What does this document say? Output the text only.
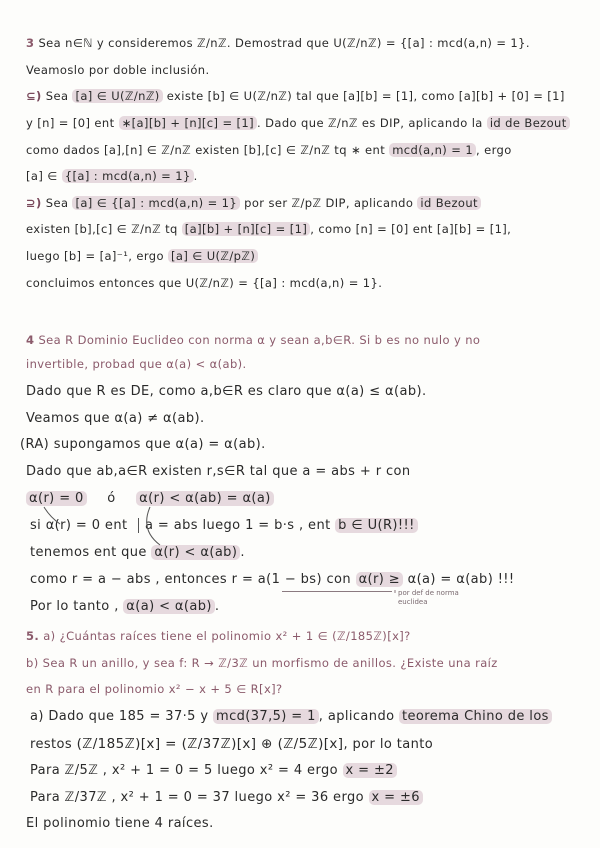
3 Sea n∈ℕ y consideremos ℤ/nℤ. Demostrad que U(ℤ/nℤ) = {[a] : mcd(a,n) = 1}.
Veamoslo por doble inclusión.
⊆) Sea [a] ∈ U(ℤ/nℤ) existe [b] ∈ U(ℤ/nℤ) tal que [a][b] = [1], como [a][b] + [0] = [1]
y [n] = [0] ent ∗[a][b] + [n][c] = [1] . Dado que ℤ/nℤ es DIP, aplicando la id de Bezout
como dados [a],[n] ∈ ℤ/nℤ existen [b],[c] ∈ ℤ/nℤ tq ∗ ent mcd(a,n) = 1 , ergo
[a] ∈ {[a] : mcd(a,n) = 1} .
⊇) Sea [a] ∈ {[a] : mcd(a,n) = 1} por ser ℤ/pℤ DIP, aplicando id Bezout
existen [b],[c] ∈ ℤ/nℤ tq [a][b] + [n][c] = [1] , como [n] = [0] ent [a][b] = [1],
luego [b] = [a]⁻¹, ergo [a] ∈ U(ℤ/pℤ)
concluimos entonces que U(ℤ/nℤ) = {[a] : mcd(a,n) = 1}.
4 Sea R Dominio Euclideo con norma α y sean a,b∈R. Si b es no nulo y no
invertible, probad que α(a) < α(ab).
Dado que R es DE, como a,b∈R es claro que α(a) ≤ α(ab).
Veamos que α(a) ≠ α(ab).
(RA) supongamos que α(a) = α(ab).
Dado que ab,a∈R existen r,s∈R tal que a = abs + r con
α(r) = 0 ó α(r) < α(ab) = α(a)
si α(r) = 0 ent a = abs luego 1 = b·s , ent b ∈ U(R)!!!
tenemos ent que α(r) < α(ab) .
como r = a − abs , entonces r = a(1 − bs) con α(r) ≥ α(a) = α(ab) !!!
por def de norma
euclidea
Por lo tanto , α(a) < α(ab) .
5. a) ¿Cuántas raíces tiene el polinomio x² + 1 ∈ (ℤ/185ℤ)[x]?
b) Sea R un anillo, y sea f: R → ℤ/3ℤ un morfismo de anillos. ¿Existe una raíz
en R para el polinomio x² − x + 5 ∈ R[x]?
a) Dado que 185 = 37·5 y mcd(37,5) = 1 , aplicando teorema Chino de los
restos (ℤ/185ℤ)[x] = (ℤ/37ℤ)[x] ⊕ (ℤ/5ℤ)[x], por lo tanto
Para ℤ/5ℤ , x² + 1 = 0 = 5 luego x² = 4 ergo x = ±2
Para ℤ/37ℤ , x² + 1 = 0 = 37 luego x² = 36 ergo x = ±6
El polinomio tiene 4 raíces.
